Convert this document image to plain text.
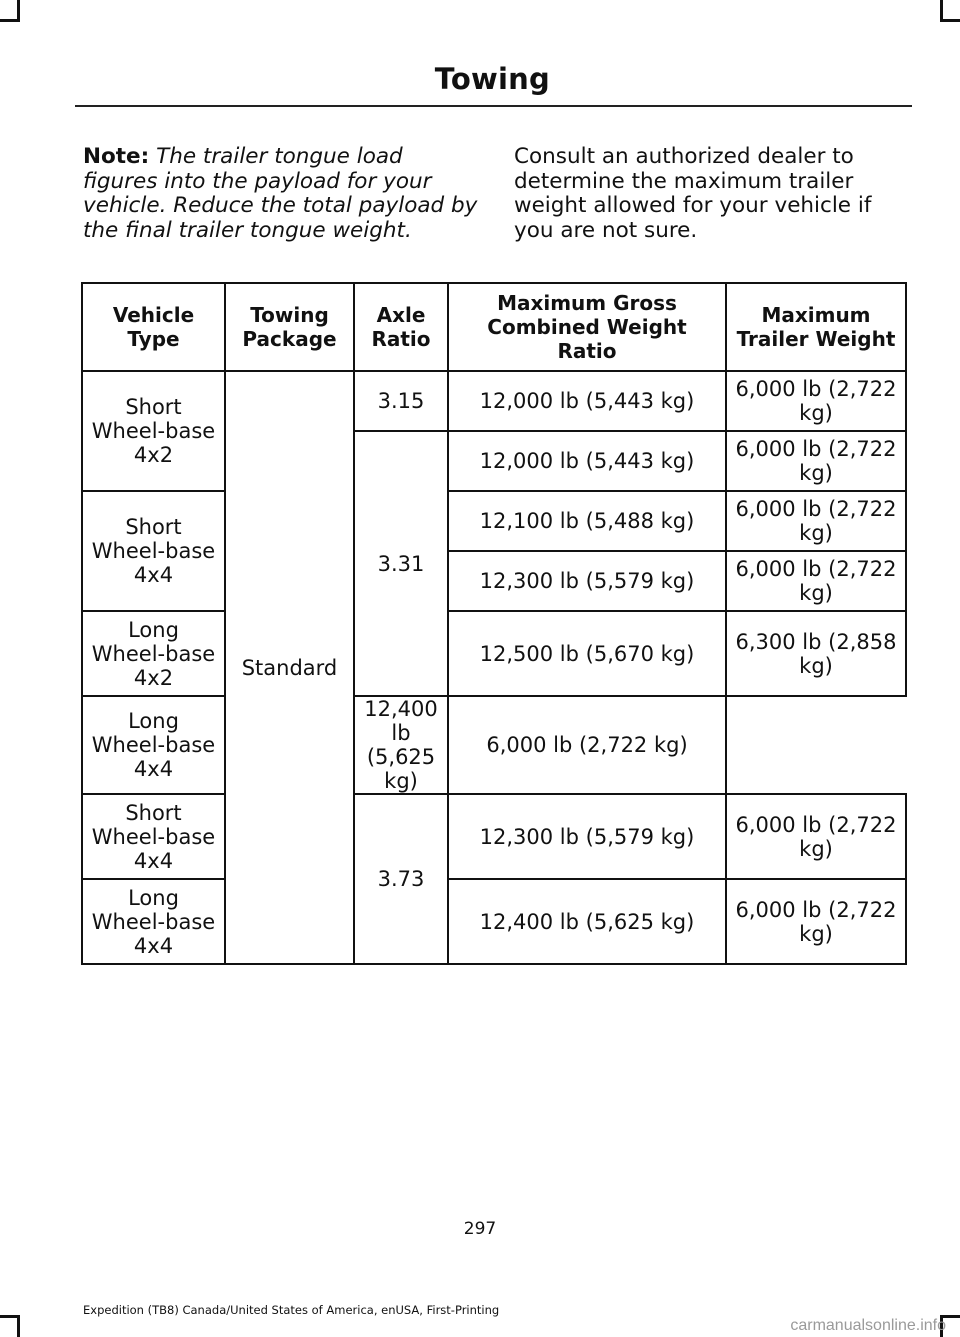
Towing
Note: The trailer tongue load figures into the payload for your vehicle. Reduce the total payload by the final trailer tongue weight.
Consult an authorized dealer to determine the maximum trailer weight allowed for your vehicle if you are not sure.
Vehicle Type	Towing Package	Axle Ratio	Maximum Gross Combined Weight Ratio	Maximum Trailer Weight
Short Wheel-base 4x2	Standard	3.15	12,000 lb (5,443 kg)	6,000 lb (2,722 kg)
		3.31	12,000 lb (5,443 kg)	6,000 lb (2,722 kg)
Short Wheel-base 4x4			12,100 lb (5,488 kg)	6,000 lb (2,722 kg)
			12,300 lb (5,579 kg)	6,000 lb (2,722 kg)
Long Wheel-base 4x2			12,500 lb (5,670 kg)	6,300 lb (2,858 kg)
Long Wheel-base 4x4		12,400 lb (5,625 kg)	6,000 lb (2,722 kg)	
Short Wheel-base 4x4		3.73	12,300 lb (5,579 kg)	6,000 lb (2,722 kg)
Long Wheel-base 4x4			12,400 lb (5,625 kg)	6,000 lb (2,722 kg)
297
Expedition (TB8) Canada/United States of America, enUSA, First-Printing
carmanualsonline.info
